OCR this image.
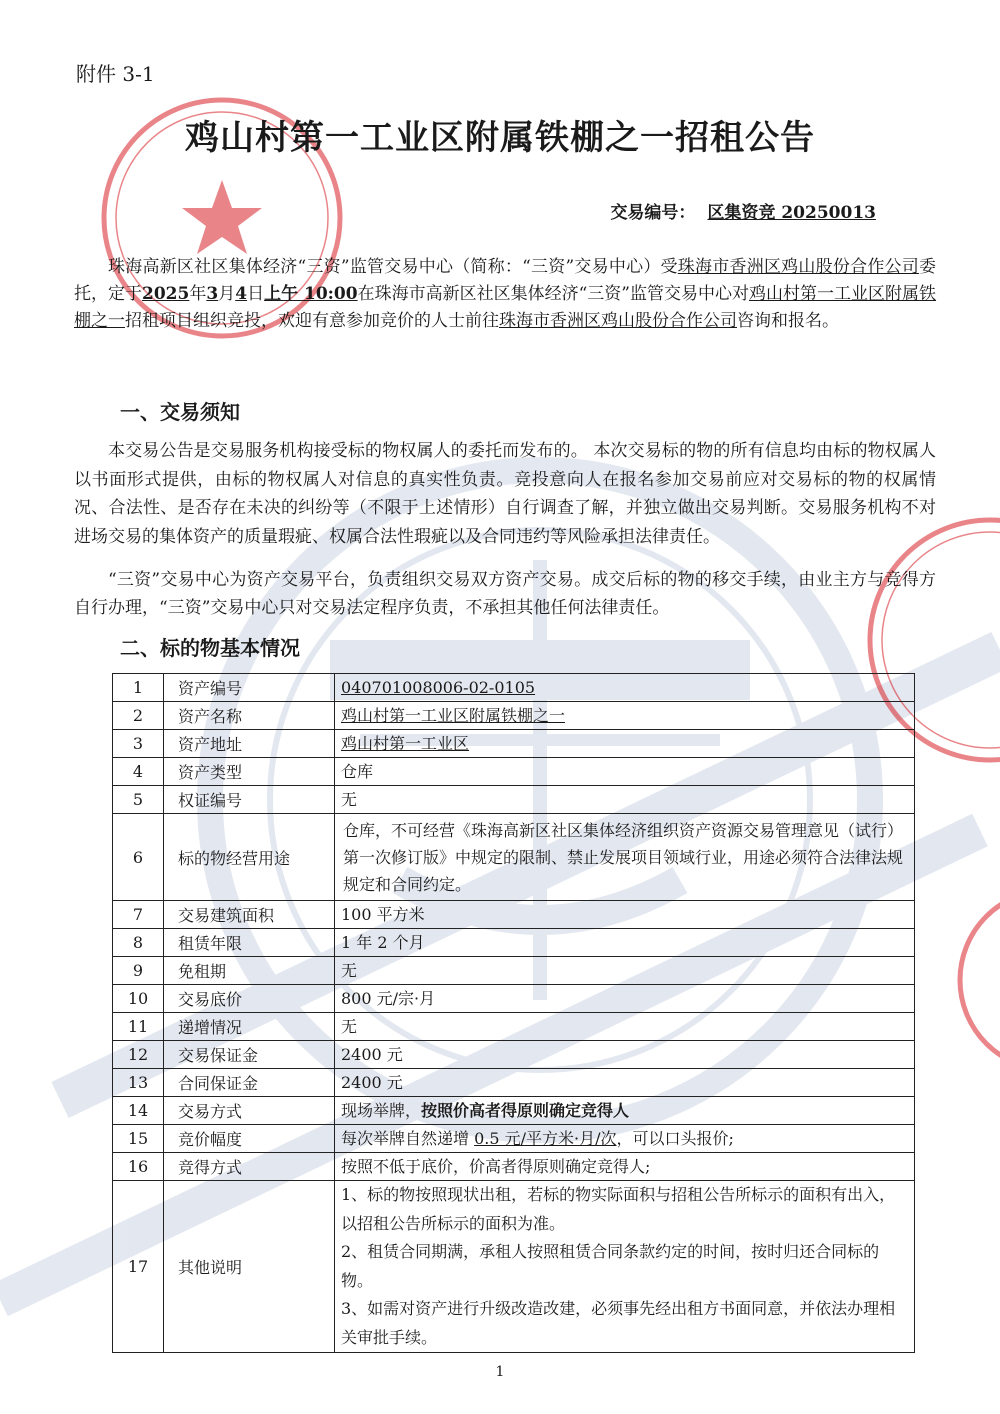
附件 3-1
鸡山村第一工业区附属铁棚之一招租公告
交易编号： 区集资竞 20250013
珠海高新区社区集体经济“三资”监管交易中心（简称：“三资”交易中心）受珠海市香洲区鸡山股份合作公司委托，定于2025年3月4日上午 10:00在珠海市高新区社区集体经济“三资”监管交易中心对鸡山村第一工业区附属铁棚之一招租项目组织竞投，欢迎有意参加竞价的人士前往珠海市香洲区鸡山股份合作公司咨询和报名。
一、交易须知
本交易公告是交易服务机构接受标的物权属人的委托而发布的。 本次交易标的物的所有信息均由标的物权属人以书面形式提供，由标的物权属人对信息的真实性负责。竞投意向人在报名参加交易前应对交易标的物的权属情况、合法性、是否存在未决的纠纷等（不限于上述情形）自行调查了解，并独立做出交易判断。交易服务机构不对进场交易的集体资产的质量瑕疵、权属合法性瑕疵以及合同违约等风险承担法律责任。
“三资”交易中心为资产交易平台，负责组织交易双方资产交易。成交后标的物的移交手续，由业主方与竞得方自行办理，“三资”交易中心只对交易法定程序负责，不承担其他任何法律责任。
二、标的物基本情况
1	资产编号	040701008006-02-0105
2	资产名称	鸡山村第一工业区附属铁棚之一
3	资产地址	鸡山村第一工业区
4	资产类型	仓库
5	权证编号	无
6	标的物经营用途	仓库，不可经营《珠海高新区社区集体经济组织资产资源交易管理意见（试行）第一次修订版》中规定的限制、禁止发展项目领域行业，用途必须符合法律法规规定和合同约定。
7	交易建筑面积	100 平方米
8	租赁年限	1 年 2 个月
9	免租期	无
10	交易底价	800 元/宗·月
11	递增情况	无
12	交易保证金	2400 元
13	合同保证金	2400 元
14	交易方式	现场举牌，按照价高者得原则确定竞得人
15	竞价幅度	每次举牌自然递增 0.5 元/平方米·月/次，可以口头报价;
16	竞得方式	按照不低于底价，价高者得原则确定竞得人;
17	其他说明	1、标的物按照现状出租，若标的物实际面积与招租公告所标示的面积有出入，以招租公告所标示的面积为准。
2、租赁合同期满，承租人按照租赁合同条款约定的时间，按时归还合同标的物。
3、如需对资产进行升级改造改建，必须事先经出租方书面同意，并依法办理相关审批手续。
1
